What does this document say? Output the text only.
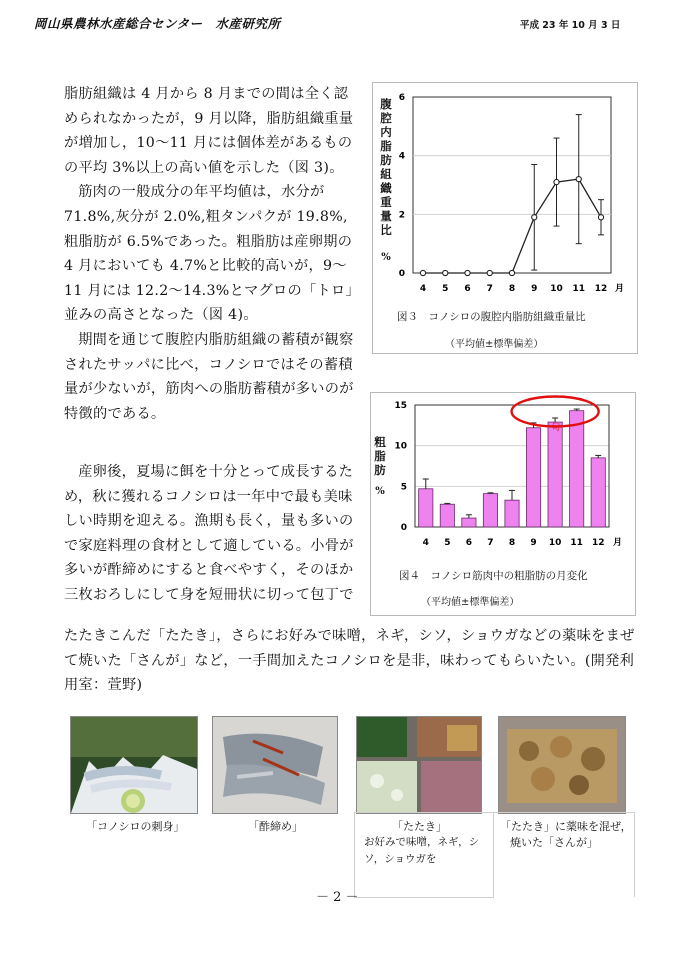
岡山県農林水産総合センター　水産研究所	平成 23 年 10 月 3 日

脂肪組織は 4 月から 8 月までの間は全く認められなかったが，9 月以降，脂肪組織重量が増加し，10～11 月には個体差があるものの平均 3%以上の高い値を示した（図 3)。

筋肉の一般成分の年平均値は，水分が 71.8%,灰分が 2.0%,粗タンパクが 19.8%,粗脂肪が 6.5%であった。粗脂肪は産卵期の 4 月においても 4.7%と比較的高いが，9～11 月には 12.2～14.3%とマグロの「トロ」並みの高さとなった（図 4)。

期間を通じて腹腔内脂肪組織の蓄積が観察されたサッパに比べ，コノシロではその蓄積量が少ないが，筋肉への脂肪蓄積が多いのが特徴的である。

産卵後，夏場に餌を十分とって成長するため，秋に獲れるコノシロは一年中で最も美味しい時期を迎える。漁期も長く，量も多いので家庭料理の食材として適している。小骨が多いが酢締めにすると食べやすく，そのほか三枚おろしにして身を短冊状に切って包丁で

腹腔内脂肪組織重量比
%
0
2
4
6
4 5 6 7 8 9 10 11 12 月
図３　コノシロの腹腔内脂肪組織重量比
（平均値±標準偏差）
粗脂肪
%
0
5
10
15
4 5 6 7 8 9 10 11 12 月
旬
図４　コノシロ筋肉中の粗脂肪の月変化
（平均値±標準偏差）
「コノシロの刺身」	「酢締め」	「たたき」
お好みで味噌，ネギ，シソ，ショウガを
「たたき」に薬味を混ぜ，
焼いた「さんが」
－ 2 －
たたきこんだ「たたき」，さらにお好みで味噌，ネギ，シソ，ショウガなどの薬味をまぜて焼いた「さんが」など，一手間加えたコノシロを是非，味わってもらいたい。(開発利用室：萱野)
